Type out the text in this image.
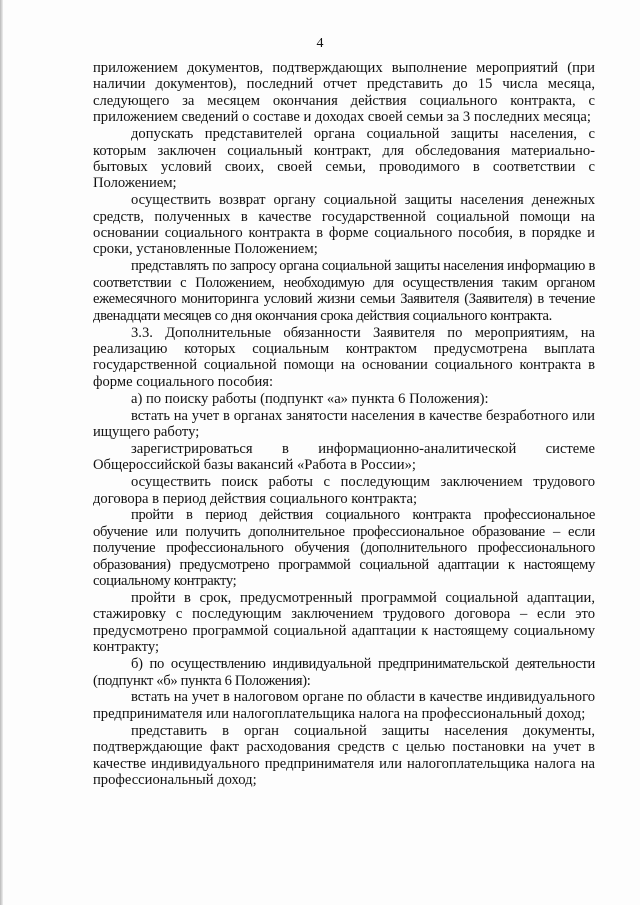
4

приложением документов, подтверждающих выполнение мероприятий (при наличии документов), последний отчет представить до 15 числа месяца, следующего за месяцем окончания действия социального контракта, с приложением сведений о составе и доходах своей семьи за 3 последних месяца;

допускать представителей органа социальной защиты населения, с которым заключен социальный контракт, для обследования материально-бытовых условий своих, своей семьи, проводимого в соответствии с Положением;

осуществить возврат органу социальной защиты населения денежных средств, полученных в качестве государственной социальной помощи на основании социального контракта в форме социального пособия, в порядке и сроки, установленные Положением;

представлять по запросу органа социальной защиты населения информацию в соответствии с Положением, необходимую для осуществления таким органом ежемесячного мониторинга условий жизни семьи Заявителя (Заявителя) в течение двенадцати месяцев со дня окончания срока действия социального контракта.

3.3. Дополнительные обязанности Заявителя по мероприятиям, на реализацию которых социальным контрактом предусмотрена выплата государственной социальной помощи на основании социального контракта в форме социального пособия:

а) по поиску работы (подпункт «а» пункта 6 Положения):

встать на учет в органах занятости населения в качестве безработного или ищущего работу;

зарегистрироваться в информационно-аналитической системе Общероссийской базы вакансий «Работа в России»;

осуществить поиск работы с последующим заключением трудового договора в период действия социального контракта;

пройти в период действия социального контракта профессиональное обучение или получить дополнительное профессиональное образование – если получение профессионального обучения (дополнительного профессионального образования) предусмотрено программой социальной адаптации к настоящему социальному контракту;

пройти в срок, предусмотренный программой социальной адаптации, стажировку с последующим заключением трудового договора – если это предусмотрено программой социальной адаптации к настоящему социальному контракту;

б) по осуществлению индивидуальной предпринимательской деятельности (подпункт «б» пункта 6 Положения):

встать на учет в налоговом органе по области в качестве индивидуального предпринимателя или налогоплательщика налога на профессиональный доход;

представить в орган социальной защиты населения документы, подтверждающие факт расходования средств с целью постановки на учет в качестве индивидуального предпринимателя или налогоплательщика налога на профессиональный доход;
